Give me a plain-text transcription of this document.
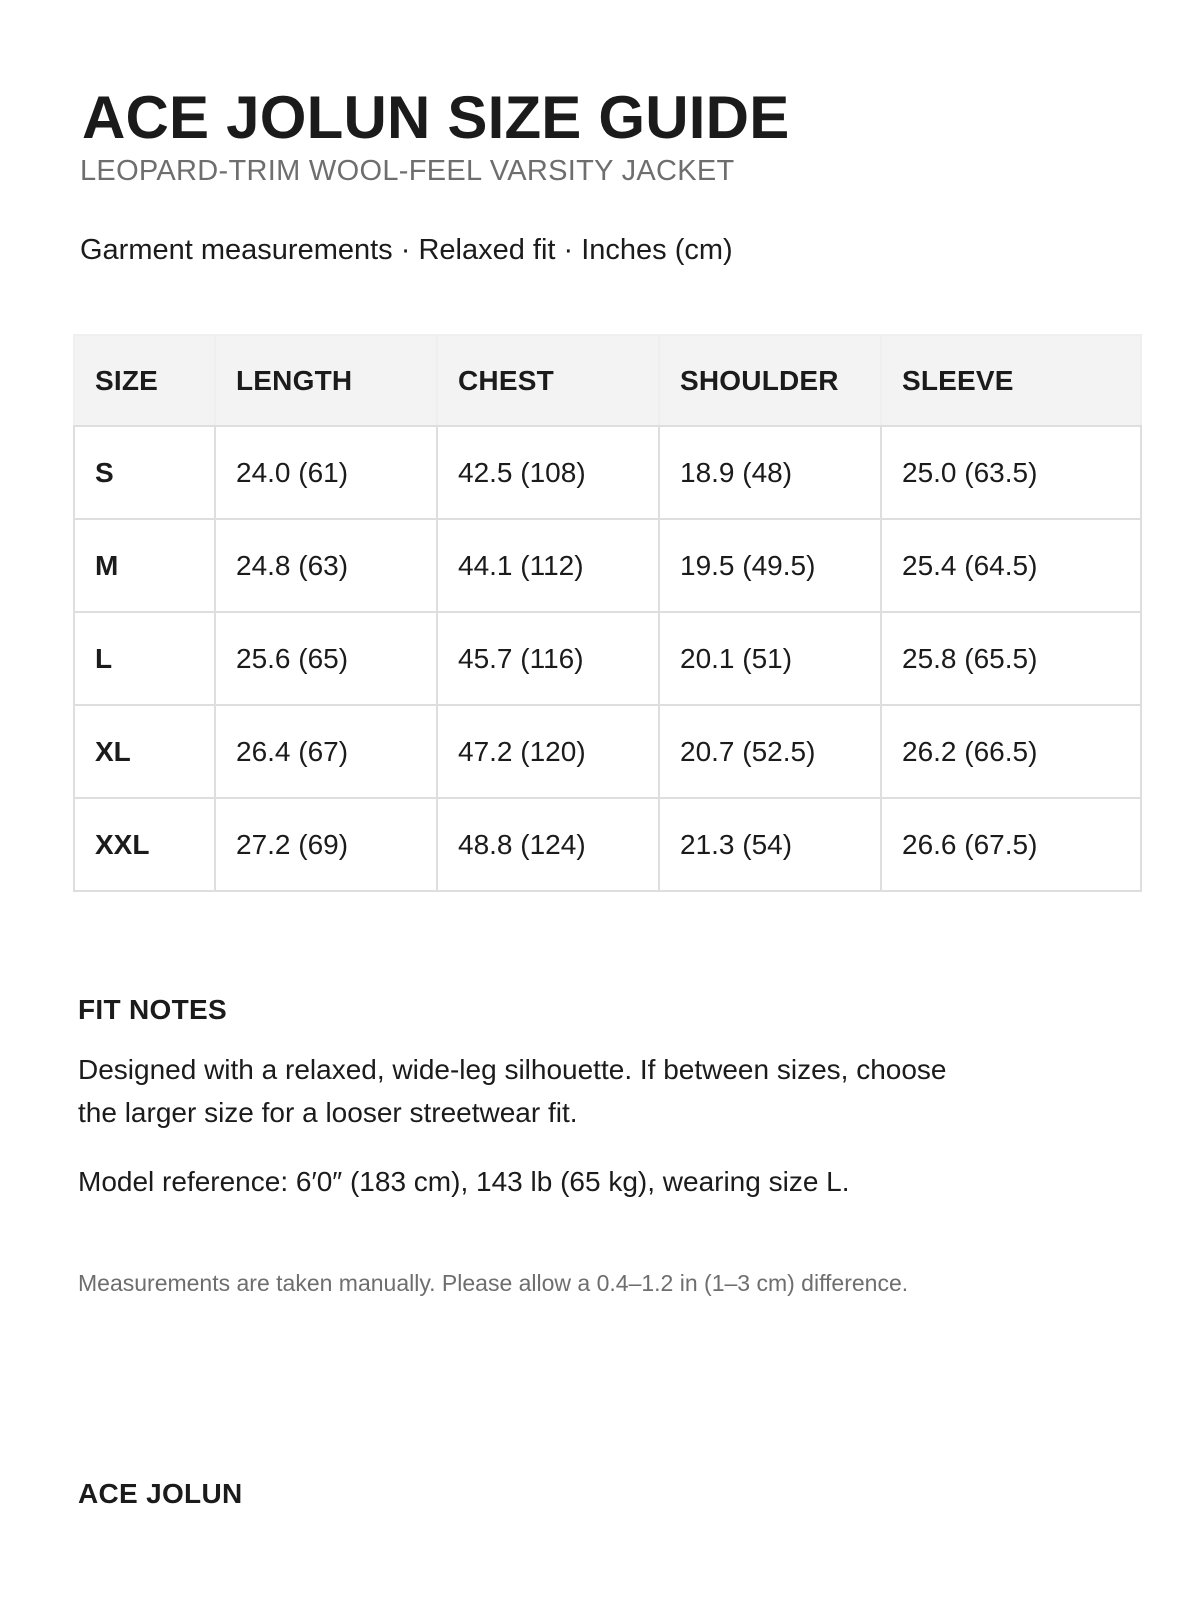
ACE JOLUN SIZE GUIDE

LEOPARD-TRIM WOOL-FEEL VARSITY JACKET

Garment measurements · Relaxed fit · Inches (cm)

SIZE	LENGTH	CHEST	SHOULDER	SLEEVE
S	24.0 (61)	42.5 (108)	18.9 (48)	25.0 (63.5)
M	24.8 (63)	44.1 (112)	19.5 (49.5)	25.4 (64.5)
L	25.6 (65)	45.7 (116)	20.1 (51)	25.8 (65.5)
XL	26.4 (67)	47.2 (120)	20.7 (52.5)	26.2 (66.5)
XXL	27.2 (69)	48.8 (124)	21.3 (54)	26.6 (67.5)
FIT NOTES

Designed with a relaxed, wide-leg silhouette. If between sizes, choose the larger size for a looser streetwear fit.

Model reference: 6′0″ (183 cm), 143 lb (65 kg), wearing size L.

Measurements are taken manually. Please allow a 0.4–1.2 in (1–3 cm) difference.

ACE JOLUN
